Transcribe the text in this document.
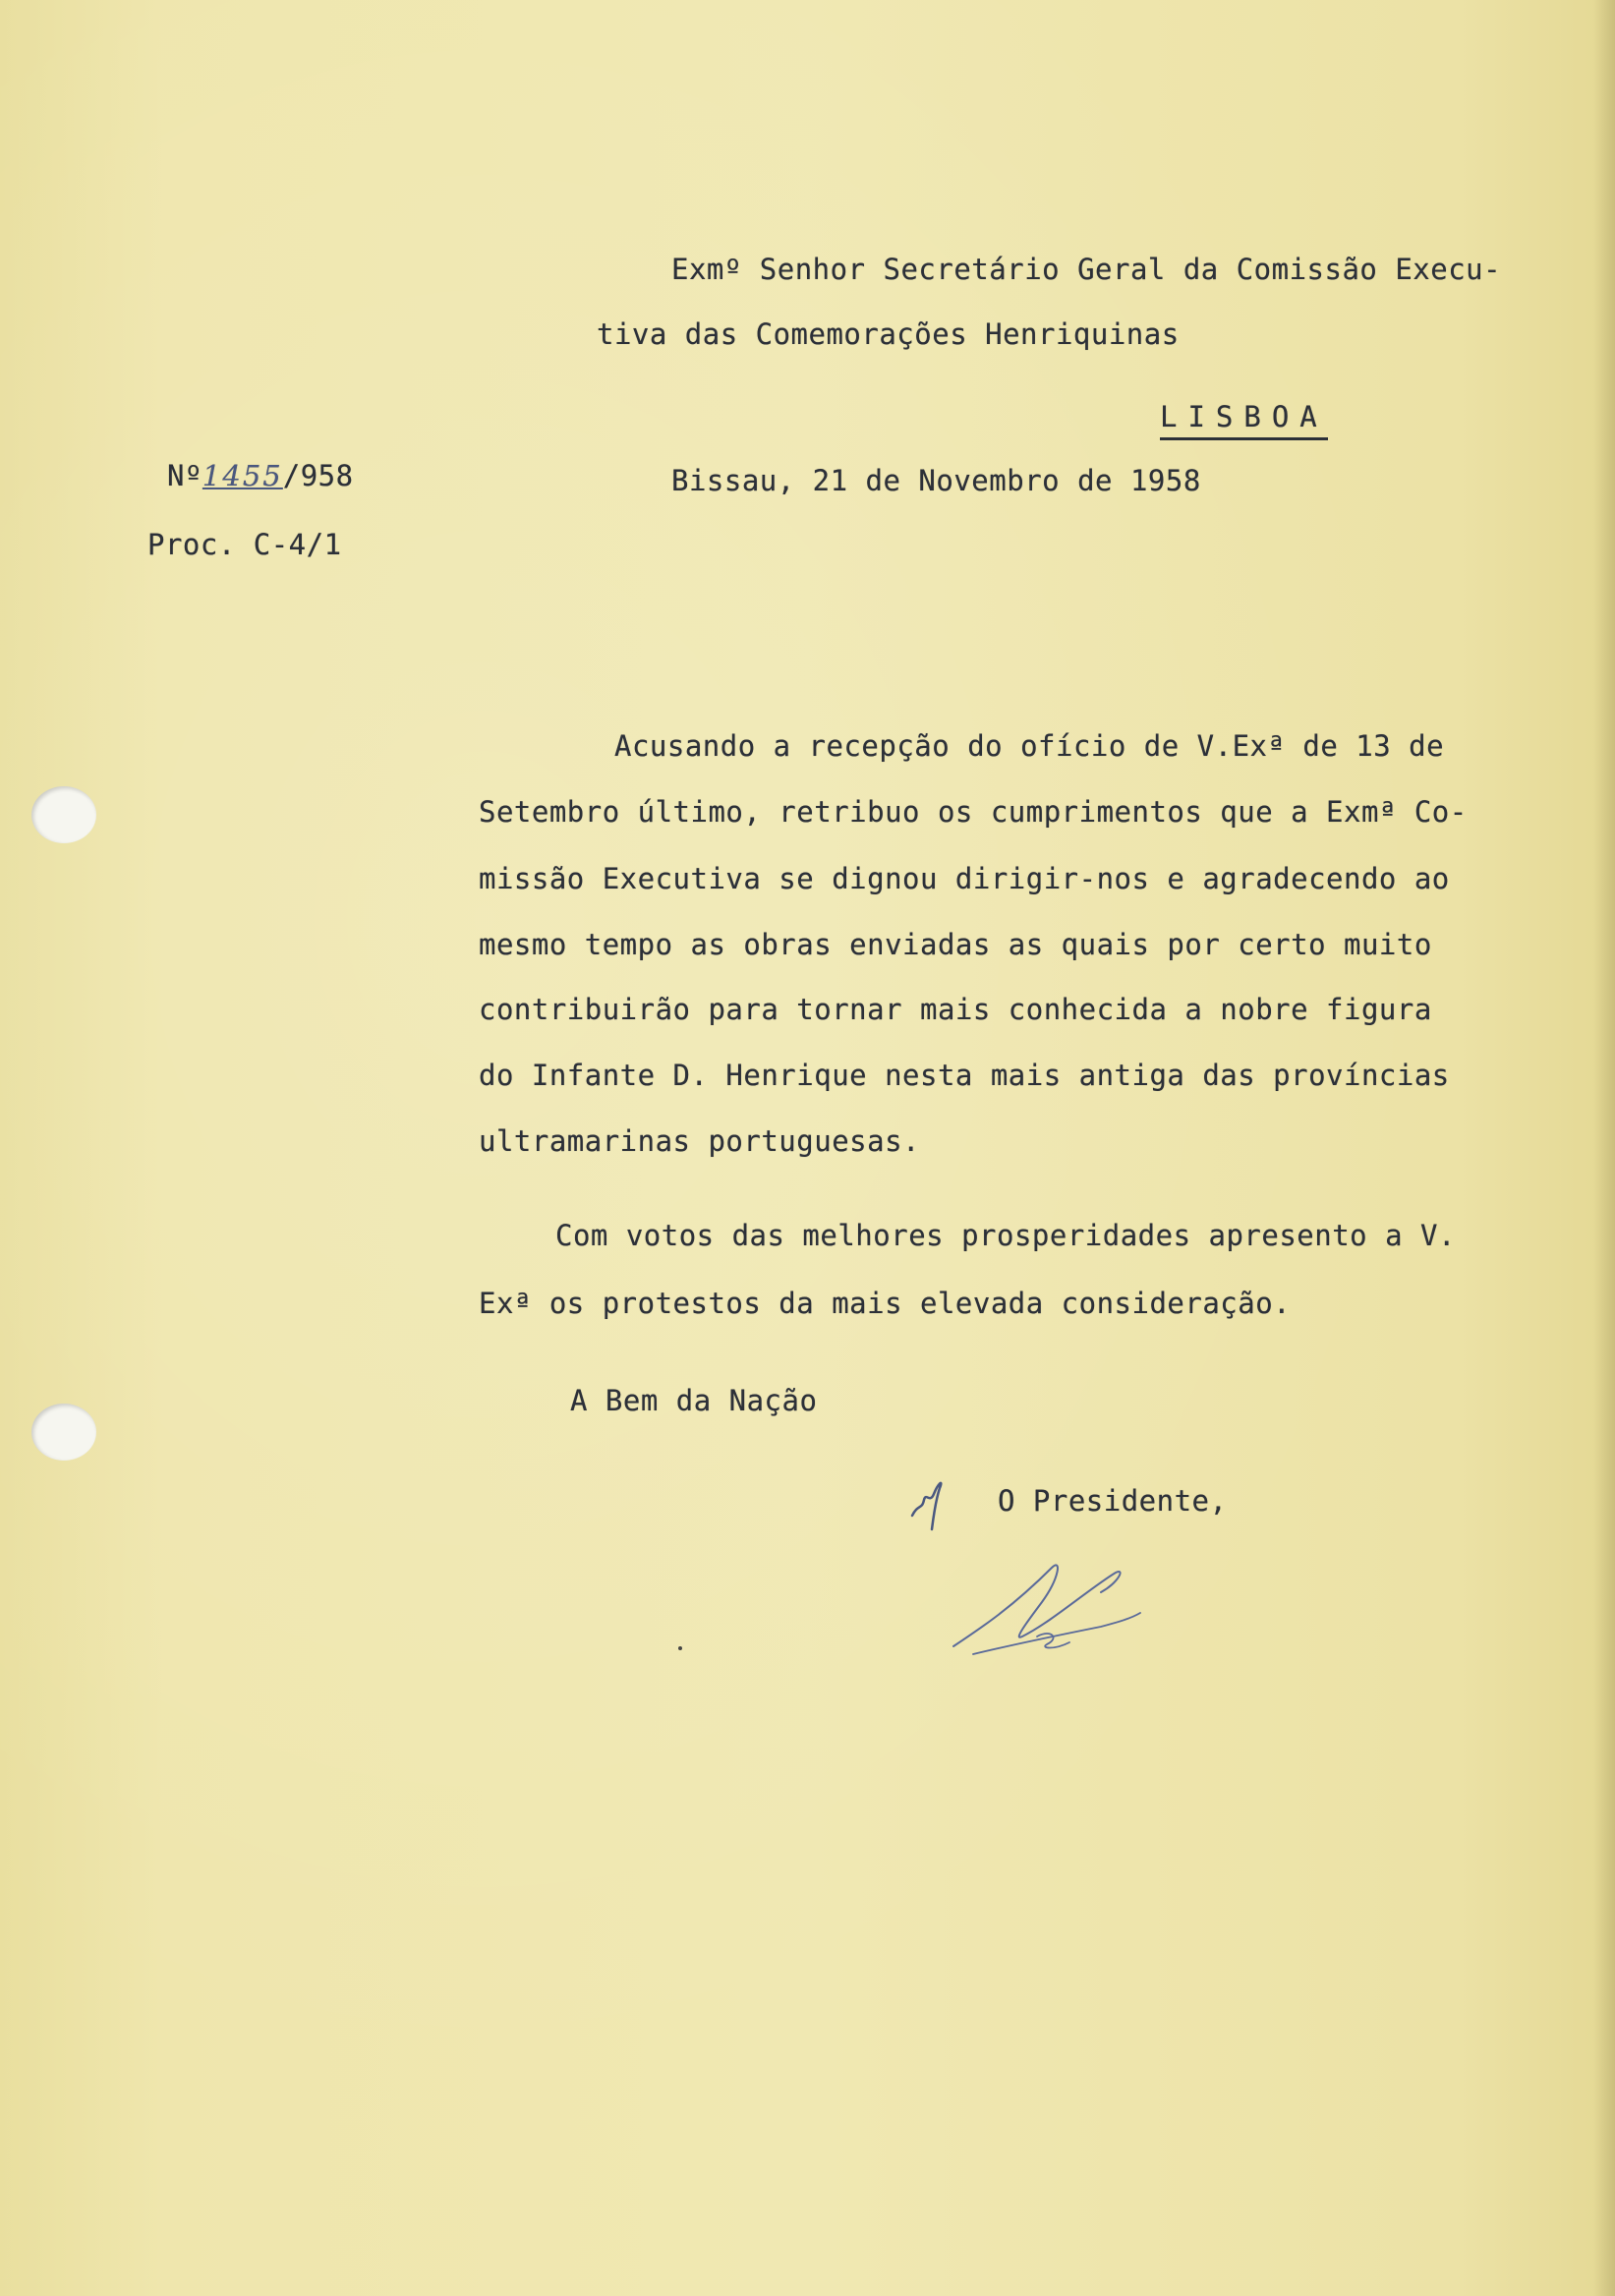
Exmº Senhor Secretário Geral da Comissão Execu-
tiva das Comemorações Henriquinas
LISBOA
Nº1455/958
Proc. C-4/1
Bissau, 21 de Novembro de 1958
Acusando a recepção do ofício de V.Exª de 13 de
Setembro último, retribuo os cumprimentos que a Exmª Co-
missão Executiva se dignou dirigir-nos e agradecendo ao
mesmo tempo as obras enviadas as quais por certo muito
contribuirão para tornar mais conhecida a nobre figura
do Infante D. Henrique nesta mais antiga das províncias
ultramarinas portuguesas.
Com votos das melhores prosperidades apresento a V.
Exª os protestos da mais elevada consideração.
A Bem da Nação
O Presidente,
